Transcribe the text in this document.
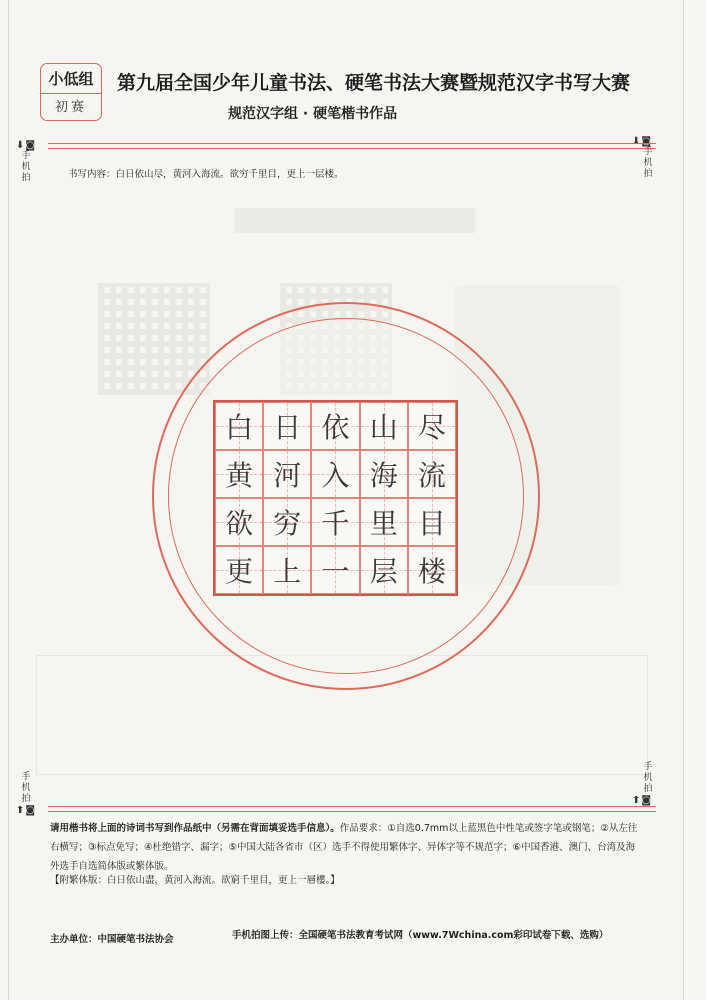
▇▇▇▇▇▇▇▇▇▇▇▇▇
小低组
初赛
第九届全国少年儿童书法、硬笔书法大赛暨规范汉字书写大赛
规范汉字组 · 硬笔楷书作品
⬇◙
手机拍
⬇◙
手机拍
书写内容：白日依山尽，黄河入海流。欲穷千里目，更上一层楼。
白 日 依 山 尽
黄 河 入 海 流
欲 穷 千 里 目
更 上 一 层 楼
手机拍
⬆◙
手机拍
⬆◙
请用楷书将上面的诗词书写到作品纸中（另需在背面填妥选手信息）。作品要求：①自选0.7mm以上蓝黑色中性笔或签字笔或钢笔；②从左往右横写；③标点免写；④杜绝错字、漏字；⑤中国大陆各省市（区）选手不得使用繁体字、异体字等不规范字；⑥中国香港、澳门、台湾及海外选手自选简体版或繁体版。
【附繁体版：白日依山盡，黄河入海流。欲窮千里目，更上一層樓。】
主办单位：中国硬笔书法协会	手机拍图上传：全国硬笔书法教育考试网（www.7Wchina.com彩印试卷下载、选购）
